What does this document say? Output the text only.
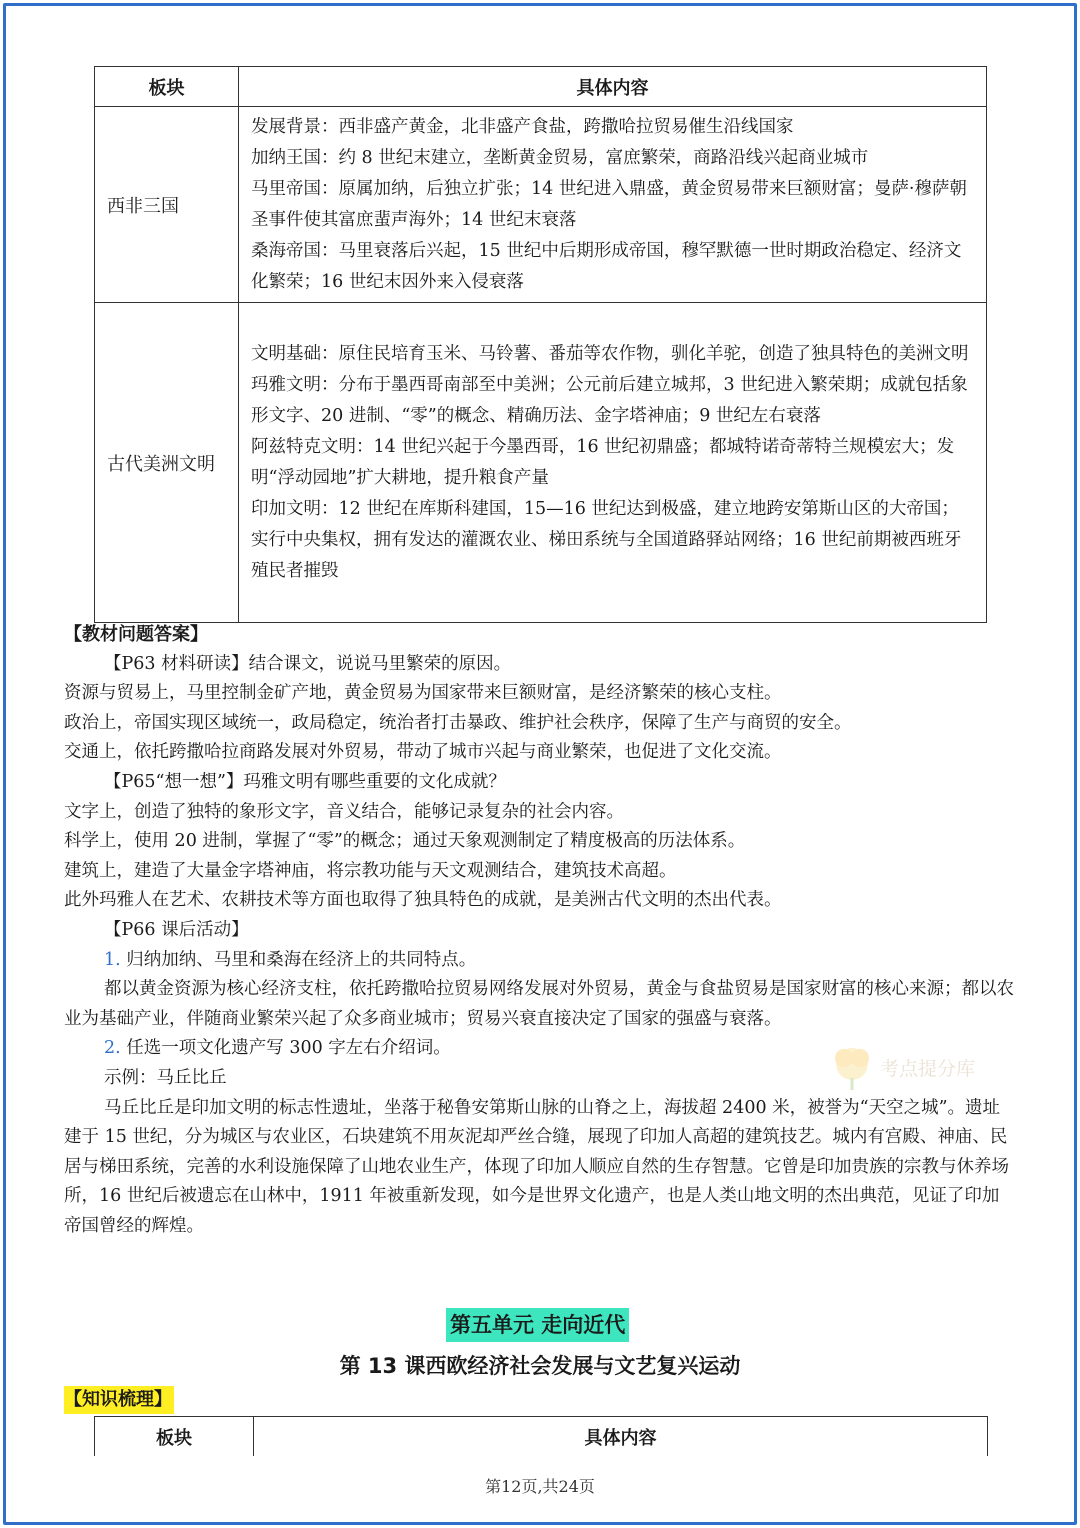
板块	具体内容
西非三国	发展背景：西非盛产黄金，北非盛产食盐，跨撒哈拉贸易催生沿线国家

加纳王国：约 8 世纪末建立，垄断黄金贸易，富庶繁荣，商路沿线兴起商业城市

马里帝国：原属加纳，后独立扩张；14 世纪进入鼎盛，黄金贸易带来巨额财富；曼萨·穆萨朝圣事件使其富庶蜚声海外；14 世纪末衰落

桑海帝国：马里衰落后兴起，15 世纪中后期形成帝国，穆罕默德一世时期政治稳定、经济文化繁荣；16 世纪末因外来入侵衰落

古代美洲文明	文明基础：原住民培育玉米、马铃薯、番茄等农作物，驯化羊驼，创造了独具特色的美洲文明

玛雅文明：分布于墨西哥南部至中美洲；公元前后建立城邦，3 世纪进入繁荣期；成就包括象形文字、20 进制、“零”的概念、精确历法、金字塔神庙；9 世纪左右衰落

阿兹特克文明：14 世纪兴起于今墨西哥，16 世纪初鼎盛；都城特诺奇蒂特兰规模宏大；发明“浮动园地”扩大耕地，提升粮食产量

印加文明：12 世纪在库斯科建国，15—16 世纪达到极盛，建立地跨安第斯山区的大帝国；实行中央集权，拥有发达的灌溉农业、梯田系统与全国道路驿站网络；16 世纪前期被西班牙殖民者摧毁

【教材问题答案】

【P63 材料研读】结合课文，说说马里繁荣的原因。

资源与贸易上，马里控制金矿产地，黄金贸易为国家带来巨额财富，是经济繁荣的核心支柱。

政治上，帝国实现区域统一，政局稳定，统治者打击暴政、维护社会秩序，保障了生产与商贸的安全。

交通上，依托跨撒哈拉商路发展对外贸易，带动了城市兴起与商业繁荣，也促进了文化交流。

【P65“想一想”】玛雅文明有哪些重要的文化成就？

文字上，创造了独特的象形文字，音义结合，能够记录复杂的社会内容。

科学上，使用 20 进制，掌握了“零”的概念；通过天象观测制定了精度极高的历法体系。

建筑上，建造了大量金字塔神庙，将宗教功能与天文观测结合，建筑技术高超。

此外玛雅人在艺术、农耕技术等方面也取得了独具特色的成就，是美洲古代文明的杰出代表。

【P66 课后活动】

1. 归纳加纳、马里和桑海在经济上的共同特点。

都以黄金资源为核心经济支柱，依托跨撒哈拉贸易网络发展对外贸易，黄金与食盐贸易是国家财富的核心来源；都以农业为基础产业，伴随商业繁荣兴起了众多商业城市；贸易兴衰直接决定了国家的强盛与衰落。

2. 任选一项文化遗产写 300 字左右介绍词。

示例：马丘比丘

马丘比丘是印加文明的标志性遗址，坐落于秘鲁安第斯山脉的山脊之上，海拔超 2400 米，被誉为“天空之城”。遗址建于 15 世纪，分为城区与农业区，石块建筑不用灰泥却严丝合缝，展现了印加人高超的建筑技艺。城内有宫殿、神庙、民居与梯田系统，完善的水利设施保障了山地农业生产，体现了印加人顺应自然的生存智慧。它曾是印加贵族的宗教与休养场所，16 世纪后被遗忘在山林中，1911 年被重新发现，如今是世界文化遗产，也是人类山地文明的杰出典范，见证了印加帝国曾经的辉煌。

考点提分库
第五单元 走向近代
第 13 课西欧经济社会发展与文艺复兴运动
【知识梳理】
板块	具体内容
第12页,共24页
